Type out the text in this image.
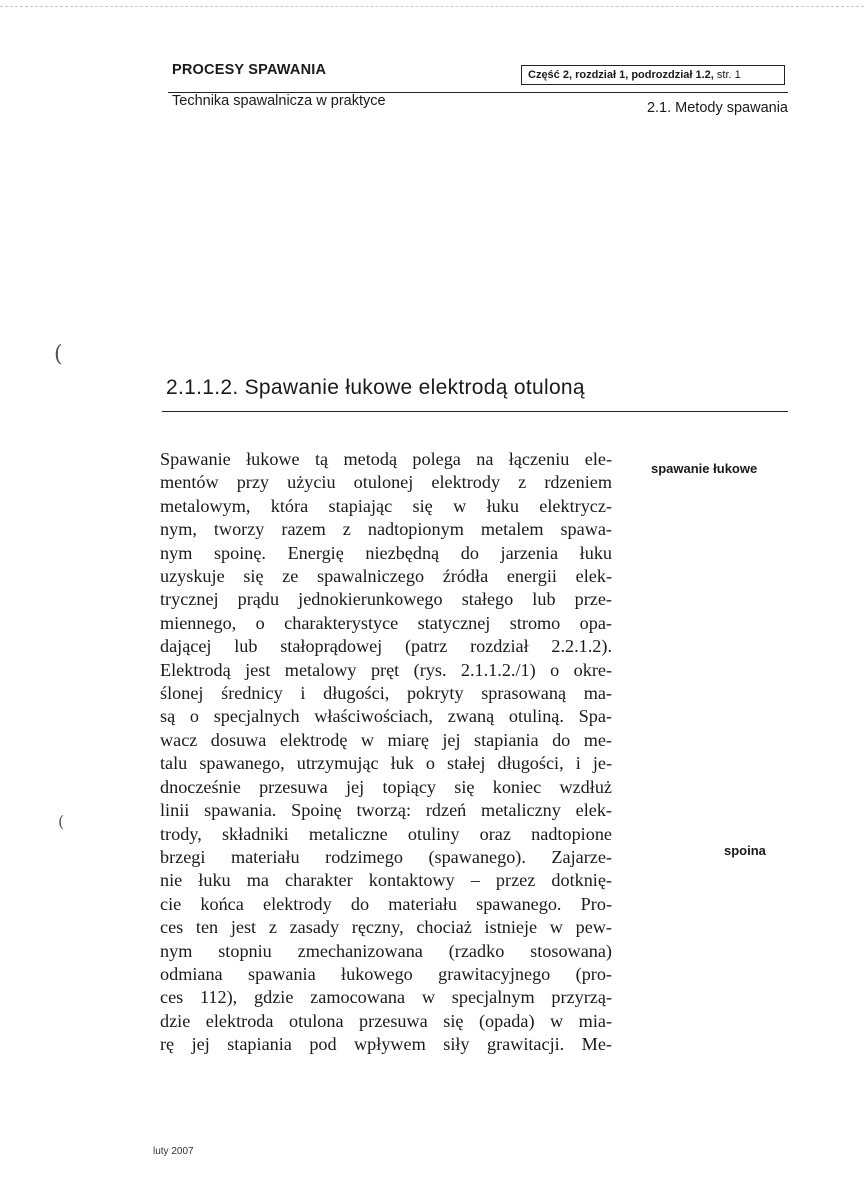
(
(
PROCESY SPAWANIA	Część 2, rozdział 1, podrozdział 1.2, str. 1
Technika spawalnicza w praktyce	2.1. Metody spawania
2.1.1.2. Spawanie łukowe elektrodą otuloną
Spawanie łukowe tą metodą polega na łączeniu ele-
mentów przy użyciu otulonej elektrody z rdzeniem
metalowym, która stapiając się w łuku elektrycz-
nym, tworzy razem z nadtopionym metalem spawa-
nym spoinę. Energię niezbędną do jarzenia łuku
uzyskuje się ze spawalniczego źródła energii elek-
trycznej prądu jednokierunkowego stałego lub prze-
miennego, o charakterystyce statycznej stromo opa-
dającej lub stałoprądowej (patrz rozdział 2.2.1.2).
Elektrodą jest metalowy pręt (rys. 2.1.1.2./1) o okre-
ślonej średnicy i długości, pokryty sprasowaną ma-
są o specjalnych właściwościach, zwaną otuliną. Spa-
wacz dosuwa elektrodę w miarę jej stapiania do me-
talu spawanego, utrzymując łuk o stałej długości, i je-
dnocześnie przesuwa jej topiący się koniec wzdłuż
linii spawania. Spoinę tworzą: rdzeń metaliczny elek-
trody, składniki metaliczne otuliny oraz nadtopione
brzegi materiału rodzimego (spawanego). Zajarze-
nie łuku ma charakter kontaktowy – przez dotknię-
cie końca elektrody do materiału spawanego. Pro-
ces ten jest z zasady ręczny, chociaż istnieje w pew-
nym stopniu zmechanizowana (rzadko stosowana)
odmiana spawania łukowego grawitacyjnego (pro-
ces 112), gdzie zamocowana w specjalnym przyrzą-
dzie elektroda otulona przesuwa się (opada) w mia-
rę jej stapiania pod wpływem siły grawitacji. Me-
spawanie łukowe
spoina
luty 2007
